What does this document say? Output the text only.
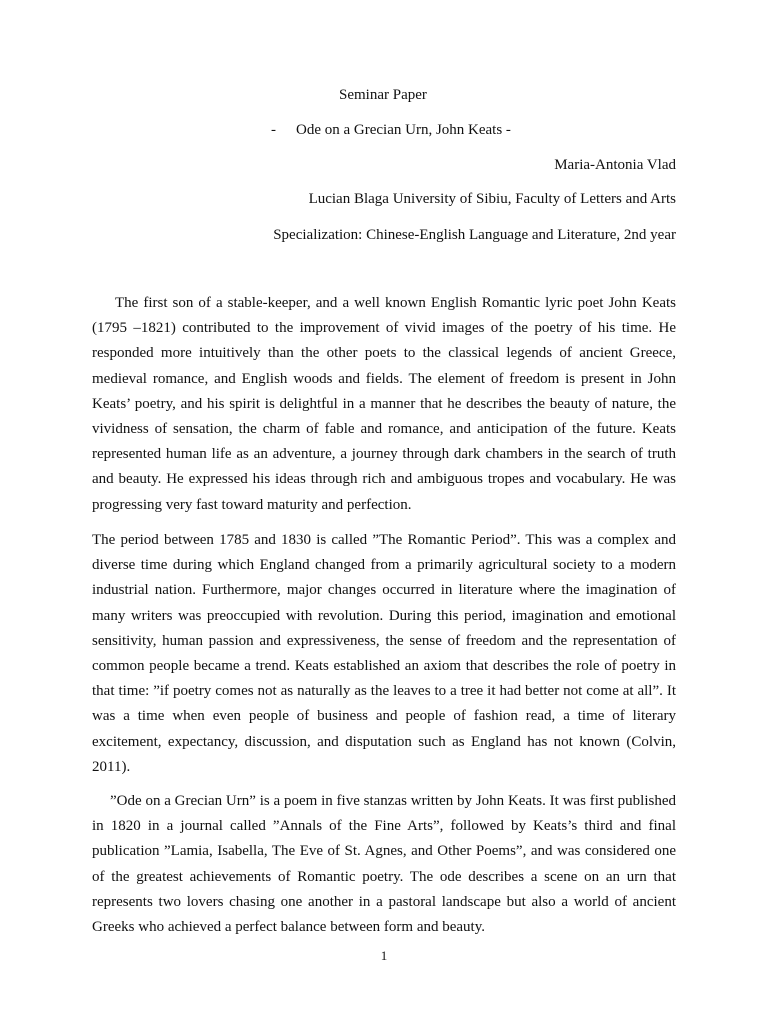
Seminar Paper
- Ode on a Grecian Urn, John Keats -
Maria-Antonia Vlad
Lucian Blaga University of Sibiu, Faculty of Letters and Arts
Specialization: Chinese-English Language and Literature, 2nd year

The first son of a stable-keeper, and a well known English Romantic lyric poet John Keats (1795 –1821) contributed to the improvement of vivid images of the poetry of his time. He responded more intuitively than the other poets to the classical legends of ancient Greece, medieval romance, and English woods and fields. The element of freedom is present in John Keats’ poetry, and his spirit is delightful in a manner that he describes the beauty of nature, the vividness of sensation, the charm of fable and romance, and anticipation of the future. Keats represented human life as an adventure, a journey through dark chambers in the search of truth and beauty. He expressed his ideas through rich and ambiguous tropes and vocabulary. He was progressing very fast toward maturity and perfection.

The period between 1785 and 1830 is called ”The Romantic Period”. This was a complex and diverse time during which England changed from a primarily agricultural society to a modern industrial nation. Furthermore, major changes occurred in literature where the imagination of many writers was preoccupied with revolution. During this period, imagination and emotional sensitivity, human passion and expressiveness, the sense of freedom and the representation of common people became a trend. Keats established an axiom that describes the role of poetry in that time: ”if poetry comes not as naturally as the leaves to a tree it had better not come at all”. It was a time when even people of business and people of fashion read, a time of literary excitement, expectancy, discussion, and disputation such as England has not known (Colvin, 2011).

”Ode on a Grecian Urn” is a poem in five stanzas written by John Keats. It was first published in 1820 in a journal called ”Annals of the Fine Arts”, followed by Keats’s third and final publication ”Lamia, Isabella, The Eve of St. Agnes, and Other Poems”, and was considered one of the greatest achievements of Romantic poetry. The ode describes a scene on an urn that represents two lovers chasing one another in a pastoral landscape but also a world of ancient Greeks who achieved a perfect balance between form and beauty.

1
